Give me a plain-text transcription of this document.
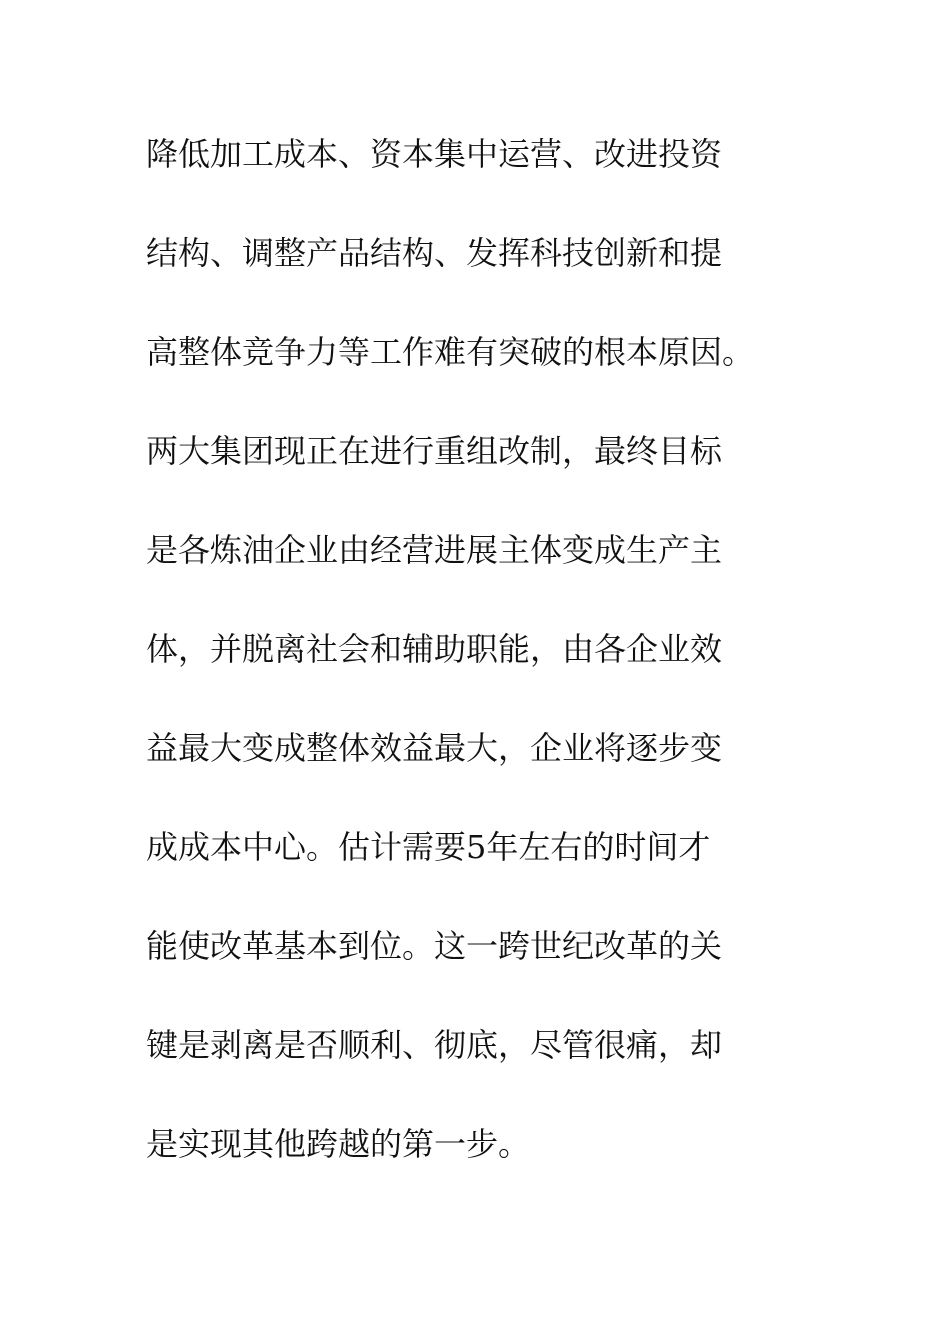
降低加工成本、资本集中运营、改进投资
结构、调整产品结构、发挥科技创新和提
高整体竞争力等工作难有突破的根本原因。
两大集团现正在进行重组改制，最终目标
是各炼油企业由经营进展主体变成生产主
体，并脱离社会和辅助职能，由各企业效
益最大变成整体效益最大，企业将逐步变
成成本中心。估计需要5年左右的时间才
能使改革基本到位。这一跨世纪改革的关
键是剥离是否顺利、彻底，尽管很痛，却
是实现其他跨越的第一步。
